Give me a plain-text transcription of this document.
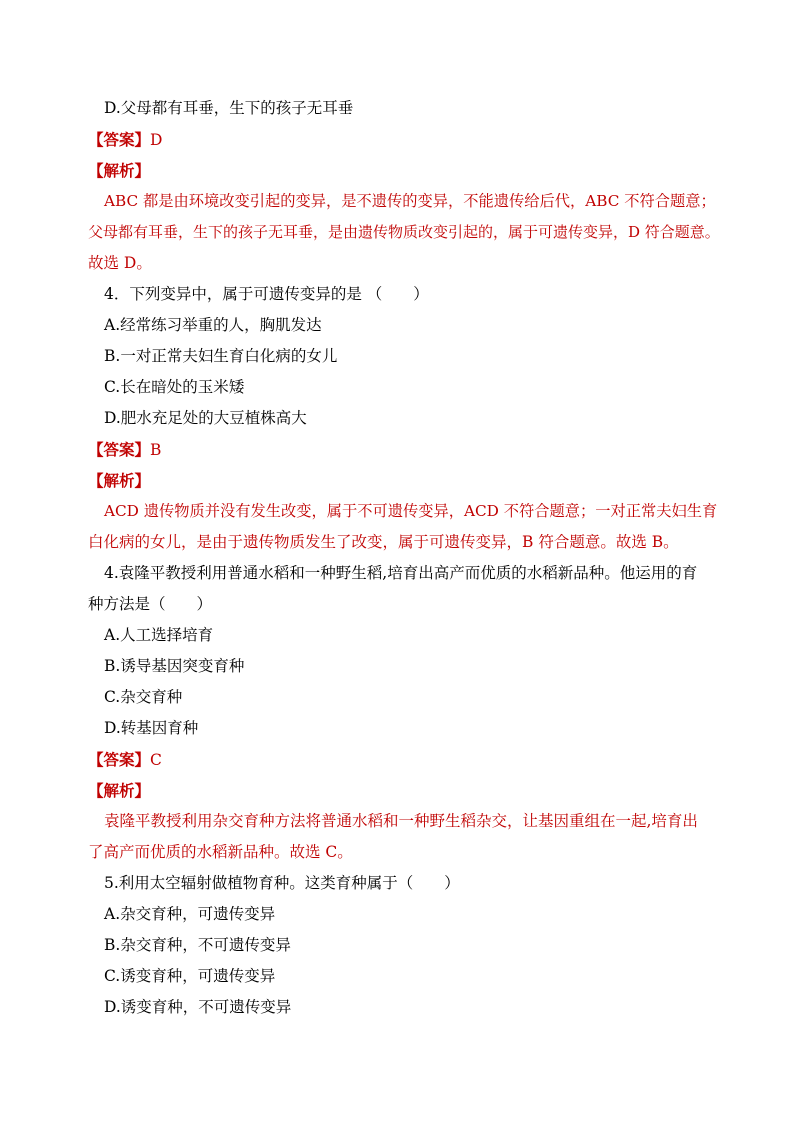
D.父母都有耳垂，生下的孩子无耳垂
【答案】D
【解析】
ABC 都是由环境改变引起的变异，是不遗传的变异，不能遗传给后代，ABC 不符合题意；
父母都有耳垂，生下的孩子无耳垂，是由遗传物质改变引起的，属于可遗传变异，D 符合题意。
故选 D。
4．下列变异中，属于可遗传变异的是 （　　）
A.经常练习举重的人，胸肌发达
B.一对正常夫妇生育白化病的女儿
C.长在暗处的玉米矮
D.肥水充足处的大豆植株高大
【答案】B
【解析】
ACD 遗传物质并没有发生改变，属于不可遗传变异，ACD 不符合题意；一对正常夫妇生育
白化病的女儿，是由于遗传物质发生了改变，属于可遗传变异，B 符合题意。故选 B。
4.袁隆平教授利用普通水稻和一种野生稻,培育出高产而优质的水稻新品种。他运用的育
种方法是（　　）
A.人工选择培育
B.诱导基因突变育种
C.杂交育种
D.转基因育种
【答案】C
【解析】
袁隆平教授利用杂交育种方法将普通水稻和一种野生稻杂交，让基因重组在一起,培育出
了高产而优质的水稻新品种。故选 C。
5.利用太空辐射做植物育种。这类育种属于（　　）
A.杂交育种，可遗传变异
B.杂交育种，不可遗传变异
C.诱变育种，可遗传变异
D.诱变育种，不可遗传变异
